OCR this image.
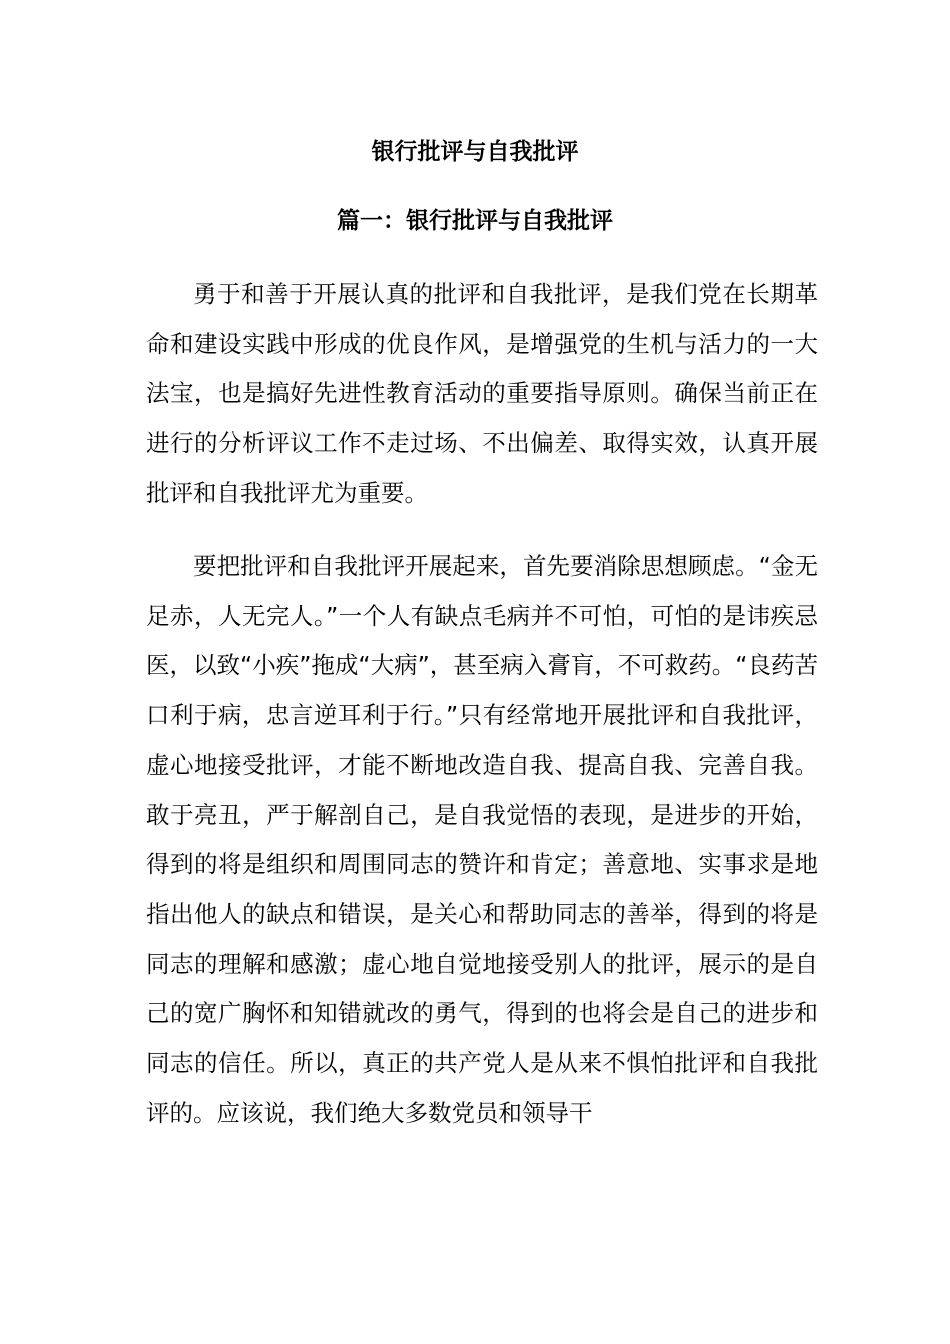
银行批评与自我批评
篇一：银行批评与自我批评

勇于和善于开展认真的批评和自我批评，是我们党在长期革命和建设实践中形成的优良作风，是增强党的生机与活力的一大法宝，也是搞好先进性教育活动的重要指导原则。确保当前正在进行的分析评议工作不走过场、不出偏差、取得实效，认真开展批评和自我批评尤为重要。

要把批评和自我批评开展起来，首先要消除思想顾虑。“金无足赤，人无完人。”一个人有缺点毛病并不可怕，可怕的是讳疾忌医，以致“小疾”拖成“大病”，甚至病入膏肓，不可救药。“良药苦口利于病，忠言逆耳利于行。”只有经常地开展批评和自我批评，虚心地接受批评，才能不断地改造自我、提高自我、完善自我。敢于亮丑，严于解剖自己，是自我觉悟的表现，是进步的开始，得到的将是组织和周围同志的赞许和肯定；善意地、实事求是地指出他人的缺点和错误，是关心和帮助同志的善举，得到的将是同志的理解和感激；虚心地自觉地接受别人的批评，展示的是自己的宽广胸怀和知错就改的勇气，得到的也将会是自己的进步和同志的信任。所以，真正的共产党人是从来不惧怕批评和自我批评的。应该说，我们绝大多数党员和领导干
